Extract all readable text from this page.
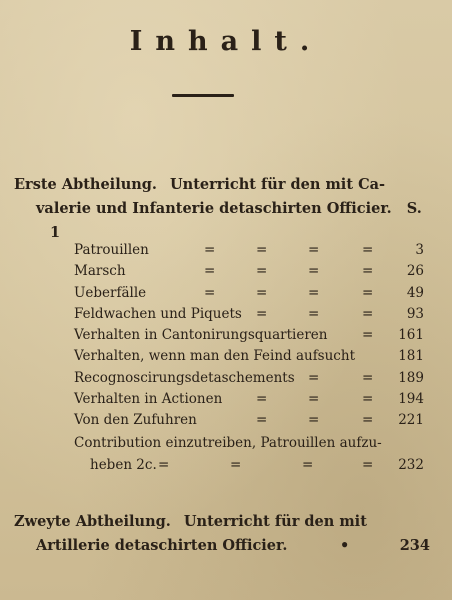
Inhalt.
Erste Abtheilung. Unterricht für den mit Ca-
valerie und Infanterie detaschirten Officier. S. 1
Patrouillen	=	=	=	=	3
Marsch	=	=	=	= 26
Ueberfälle	=	=	=	= 49
Feldwachen und Piquets =	=	= 93
Verhalten in Cantonirungsquartieren	= 161
Verhalten, wenn man den Feind aufsucht	181
Recognoscirungsdetaschements =	= 189
Verhalten in Actionen =	=	= 194
Von den Zufuhren	=	=	= 221
Contribution einzutreiben, Patrouillen aufzu-
heben 2c. =	=	=	= 232
Zweyte Abtheilung. Unterricht für den mit
Artillerie detaschirten Officier.	•	234
